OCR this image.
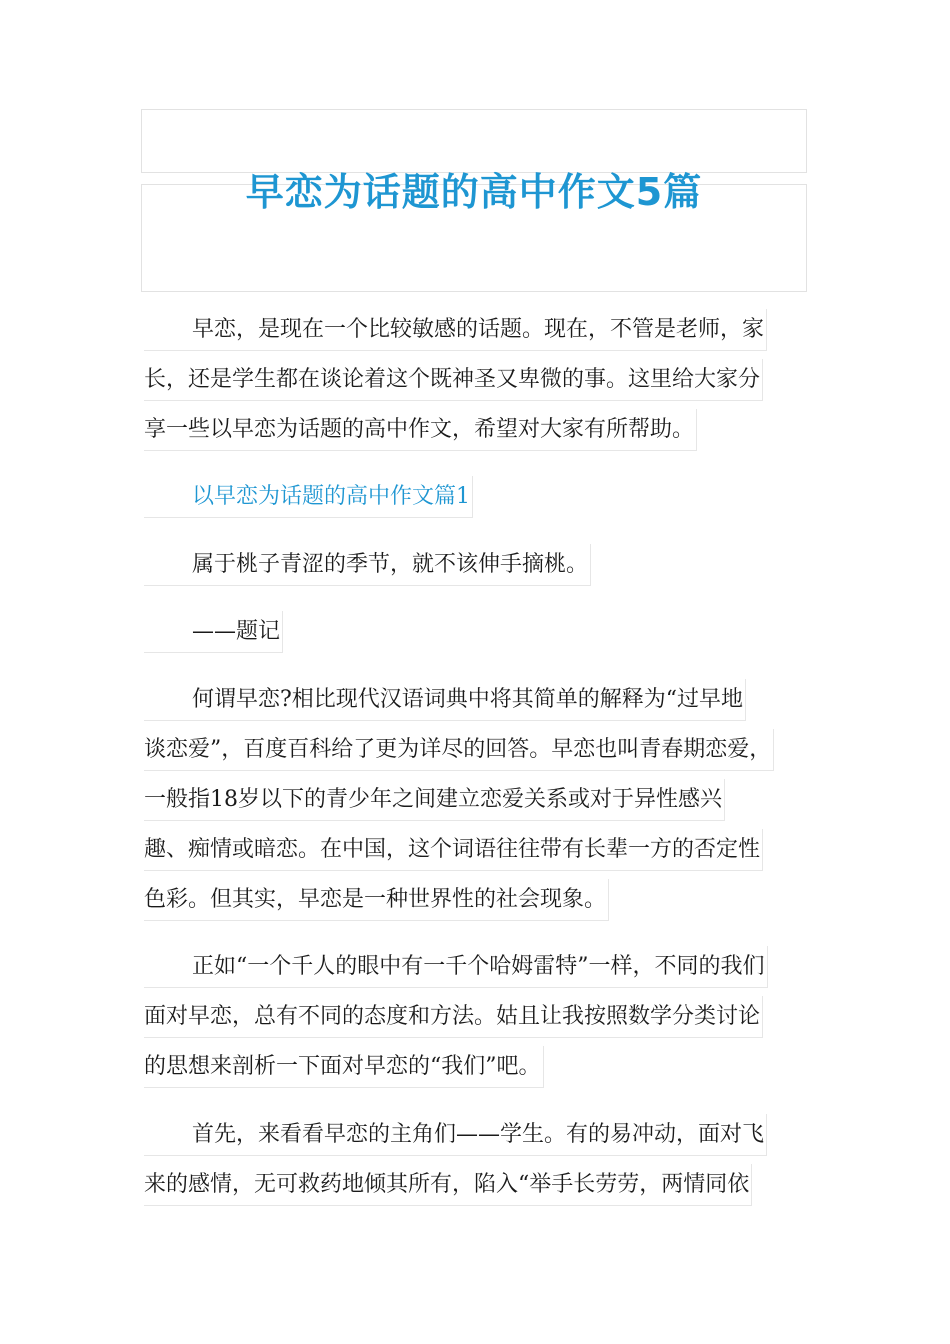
早恋为话题的高中作文5篇
早恋，是现在一个比较敏感的话题。现在，不管是老师，家
长，还是学生都在谈论着这个既神圣又卑微的事。这里给大家分
享一些以早恋为话题的高中作文，希望对大家有所帮助。
以早恋为话题的高中作文篇1
属于桃子青涩的季节，就不该伸手摘桃。
——题记
何谓早恋?相比现代汉语词典中将其简单的解释为“过早地
谈恋爱”，百度百科给了更为详尽的回答。早恋也叫青春期恋爱，
一般指18岁以下的青少年之间建立恋爱关系或对于异性感兴
趣、痴情或暗恋。在中国，这个词语往往带有长辈一方的否定性
色彩。但其实，早恋是一种世界性的社会现象。
正如“一个千人的眼中有一千个哈姆雷特”一样，不同的我们
面对早恋，总有不同的态度和方法。姑且让我按照数学分类讨论
的思想来剖析一下面对早恋的“我们”吧。
首先，来看看早恋的主角们——学生。有的易冲动，面对飞
来的感情，无可救药地倾其所有，陷入“举手长劳劳，两情同依
